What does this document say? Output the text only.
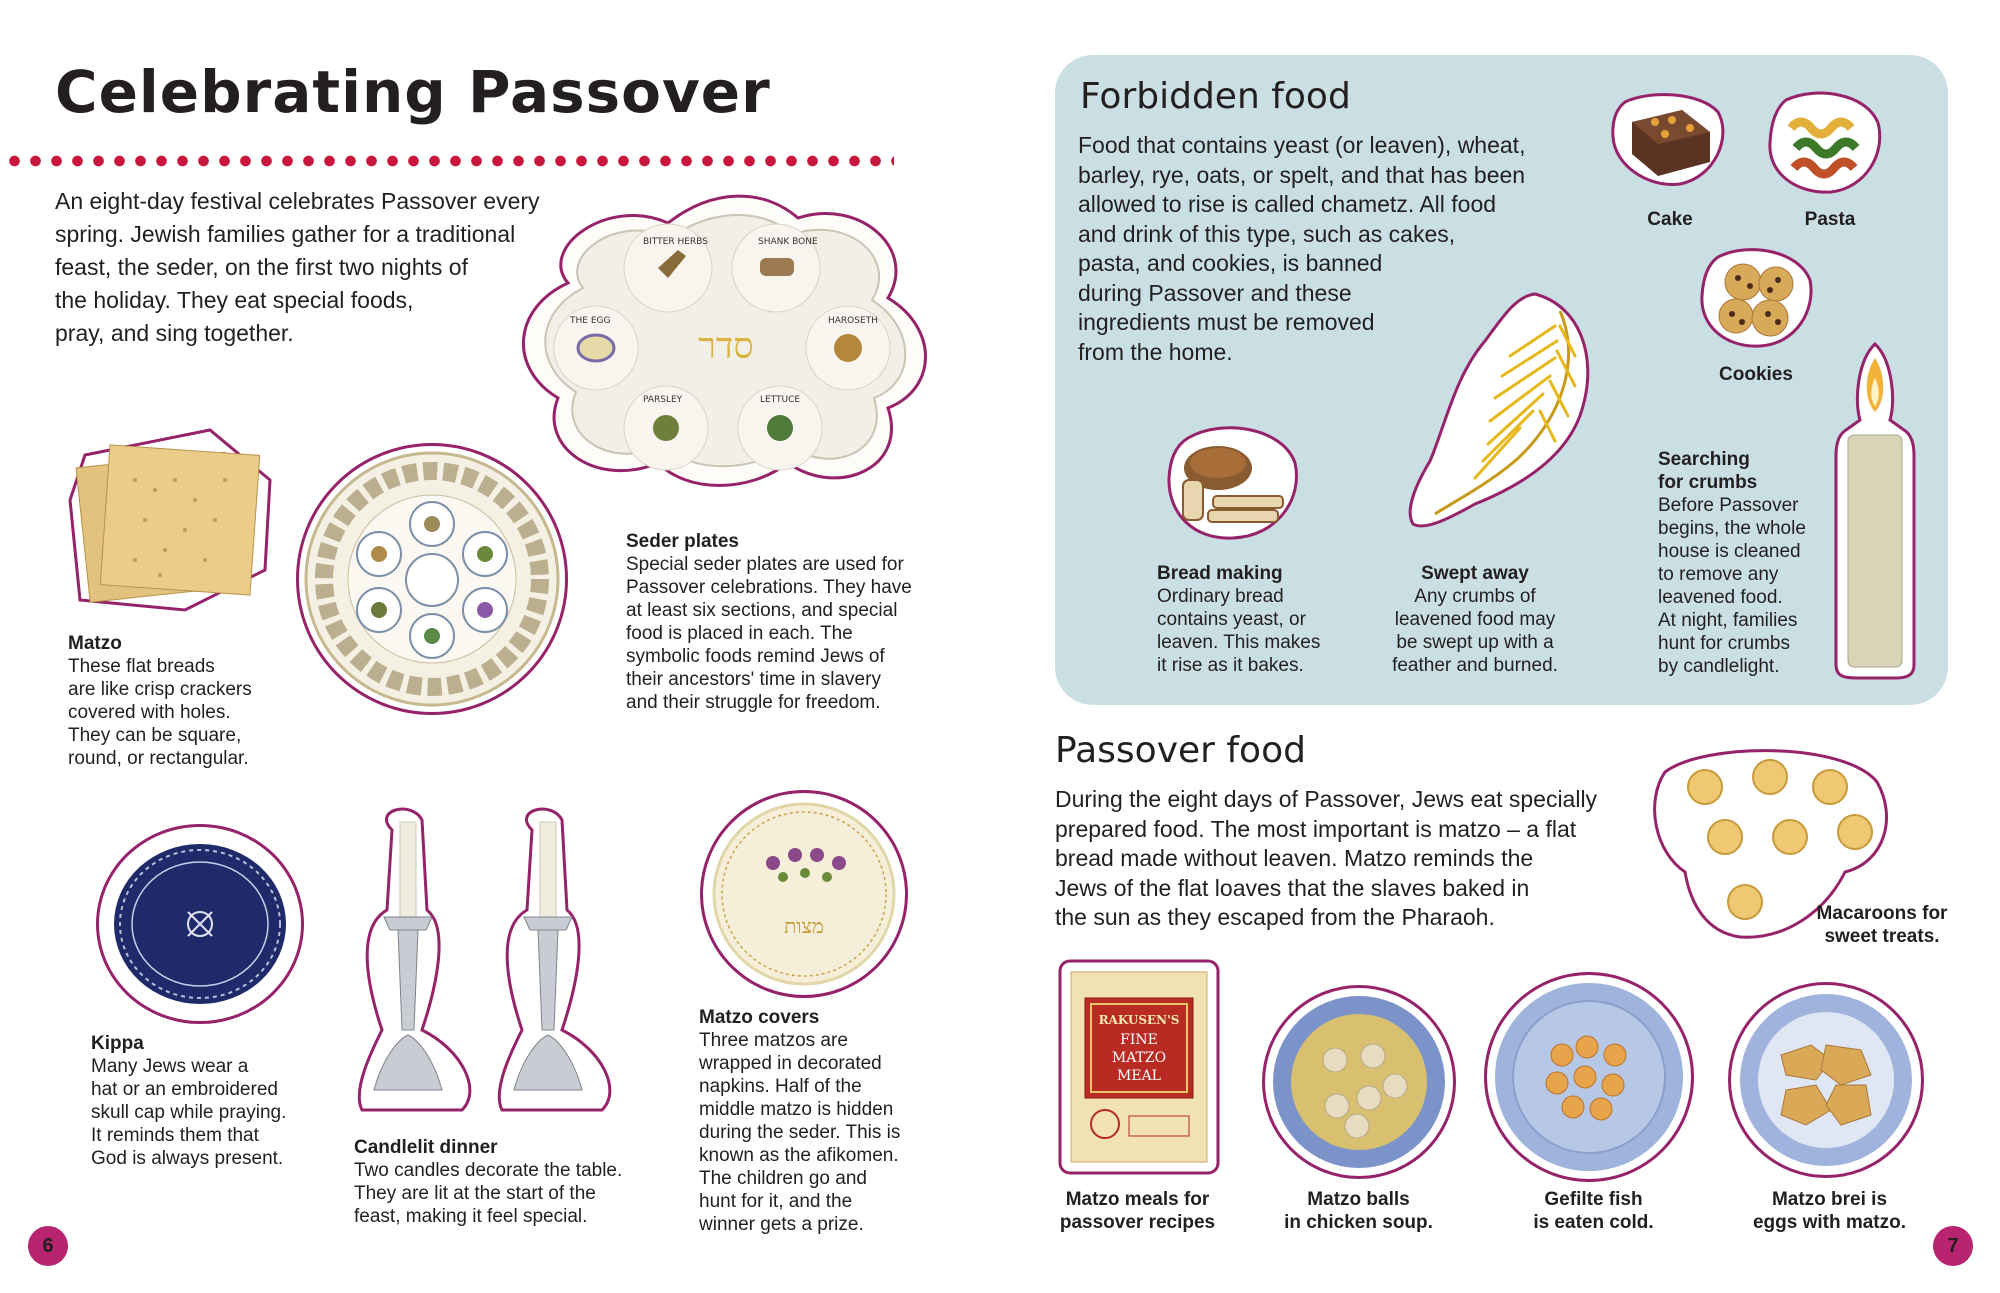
Celebrating Passover
An eight-day festival celebrates Passover every
spring. Jewish families gather for a traditional
feast, the seder, on the first two nights of
the holiday. They eat special foods,
pray, and sing together.	סדר
BITTER HERBS	SHANK BONE
THE EGG	HAROSETH
PARSLEY	LETTUCE
Matzo
These flat breads
are like crisp crackers
covered with holes.
They can be square,
round, or rectangular.
Seder plates
Special seder plates are used for
Passover celebrations. They have
at least six sections, and special
food is placed in each. The
symbolic foods remind Jews of
their ancestors' time in slavery
and their struggle for freedom.
Kippa
Many Jews wear a
hat or an embroidered
skull cap while praying.
It reminds them that
God is always present.
Candlelit dinner
Two candles decorate the table.
They are lit at the start of the
feast, making it feel special.
מצות
Matzo covers
Three matzos are
wrapped in decorated
napkins. Half of the
middle matzo is hidden
during the seder. This is
known as the afikomen.
The children go and
hunt for it, and the
winner gets a prize.
6
Forbidden food
Food that contains yeast (or leaven), wheat,
barley, rye, oats, or spelt, and that has been
allowed to rise is called chametz. All food
and drink of this type, such as cakes,
pasta, and cookies, is banned
during Passover and these
ingredients must be removed
from the home.
Cake	Pasta
Cookies
Bread making
Ordinary bread
contains yeast, or
leaven. This makes
it rise as it bakes.
Swept away
Any crumbs of
leavened food may
be swept up with a
feather and burned.
Searching
for crumbs
Before Passover
begins, the whole
house is cleaned
to remove any
leavened food.
At night, families
hunt for crumbs
by candlelight.
Passover food
During the eight days of Passover, Jews eat specially
prepared food. The most important is matzo – a flat
bread made without leaven. Matzo reminds the
Jews of the flat loaves that the slaves baked in
the sun as they escaped from the Pharaoh.	Macaroons for
sweet treats.
RAKUSEN'S
FINE
MATZO
MEAL
Matzo meals for
passover recipes
Matzo balls
in chicken soup.
Gefilte fish
is eaten cold.
Matzo brei is
eggs with matzo.
7
